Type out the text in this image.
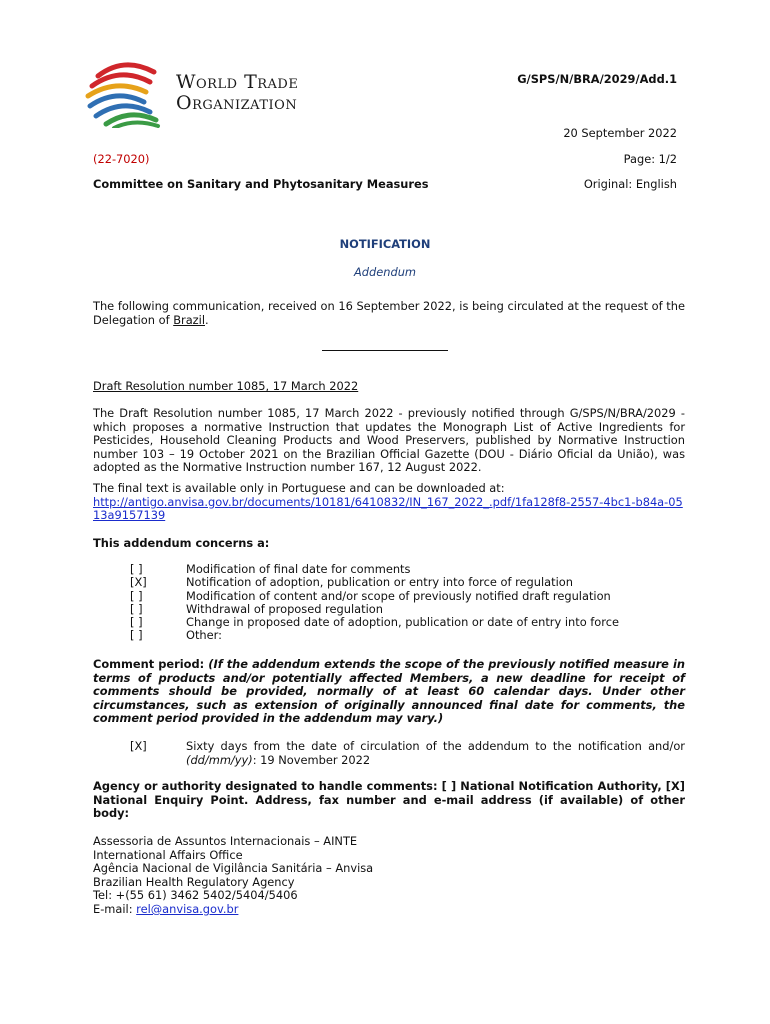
World Trade
Organization
G/SPS/N/BRA/2029/Add.1
20 September 2022
(22-7020)	Page: 1/2
Committee on Sanitary and Phytosanitary Measures	Original: English
NOTIFICATION
Addendum
The following communication, received on 16 September 2022, is being circulated at the request of the Delegation of Brazil.
Draft Resolution number 1085, 17 March 2022
The Draft Resolution number 1085, 17 March 2022 - previously notified through G/SPS/N/BRA/2029 - which proposes a normative Instruction that updates the Monograph List of Active Ingredients for Pesticides, Household Cleaning Products and Wood Preservers, published by Normative Instruction number 103 – 19 October 2021 on the Brazilian Official Gazette (DOU - Diário Oficial da União), was adopted as the Normative Instruction number 167, 12 August 2022.
The final text is available only in Portuguese and can be downloaded at:
http://antigo.anvisa.gov.br/documents/10181/6410832/IN_167_2022_.pdf/1fa128f8-2557-4bc1-b84a-0513a9157139
This addendum concerns a:
[ ]	Modification of final date for comments
[X]	Notification of adoption, publication or entry into force of regulation
[ ]	Modification of content and/or scope of previously notified draft regulation
[ ]	Withdrawal of proposed regulation
[ ]	Change in proposed date of adoption, publication or date of entry into force
[ ]	Other:
Comment period: (If the addendum extends the scope of the previously notified measure in terms of products and/or potentially affected Members, a new deadline for receipt of comments should be provided, normally of at least 60 calendar days. Under other circumstances, such as extension of originally announced final date for comments, the comment period provided in the addendum may vary.)
[X]	Sixty days from the date of circulation of the addendum to the notification and/or (dd/mm/yy): 19 November 2022
Agency or authority designated to handle comments: [ ] National Notification Authority, [X] National Enquiry Point. Address, fax number and e-mail address (if available) of other body:
Assessoria de Assuntos Internacionais – AINTE
International Affairs Office
Agência Nacional de Vigilância Sanitária – Anvisa
Brazilian Health Regulatory Agency
Tel: +(55 61) 3462 5402/5404/5406
E-mail: rel@anvisa.gov.br
